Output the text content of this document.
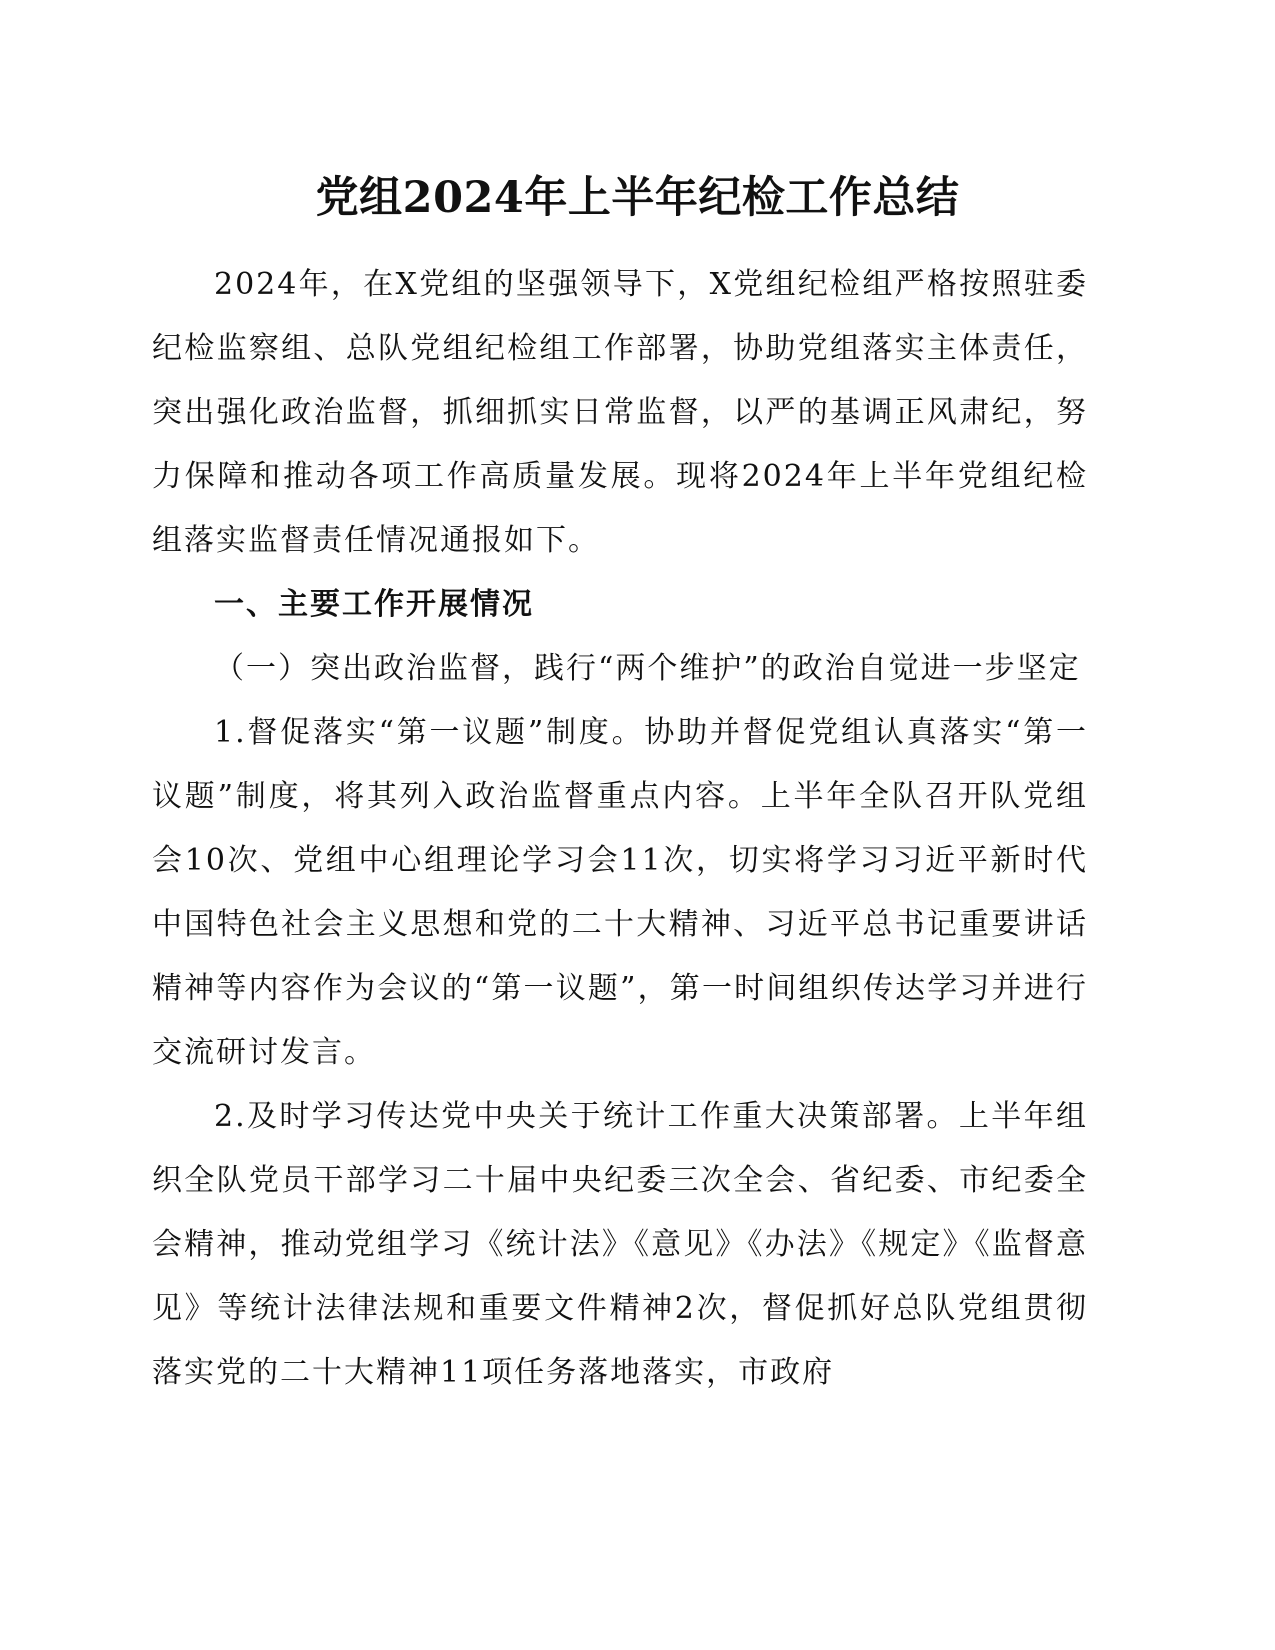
党组2024年上半年纪检工作总结

2024年，在X党组的坚强领导下，X党组纪检组严格按照驻委纪检监察组、总队党组纪检组工作部署，协助党组落实主体责任，突出强化政治监督，抓细抓实日常监督，以严的基调正风肃纪，努力保障和推动各项工作高质量发展。现将2024年上半年党组纪检组落实监督责任情况通报如下。

一、主要工作开展情况

（一）突出政治监督，践行“两个维护”的政治自觉进一步坚定

1.督促落实“第一议题”制度。协助并督促党组认真落实“第一议题”制度，将其列入政治监督重点内容。上半年全队召开队党组会10次、党组中心组理论学习会11次，切实将学习习近平新时代中国特色社会主义思想和党的二十大精神、习近平总书记重要讲话精神等内容作为会议的“第一议题”，第一时间组织传达学习并进行交流研讨发言。

2.及时学习传达党中央关于统计工作重大决策部署。上半年组织全队党员干部学习二十届中央纪委三次全会、省纪委、市纪委全会精神，推动党组学习《统计法》《意见》《办法》《规定》《监督意见》等统计法律法规和重要文件精神2次，督促抓好总队党组贯彻落实党的二十大精神11项任务落地落实，市政府
